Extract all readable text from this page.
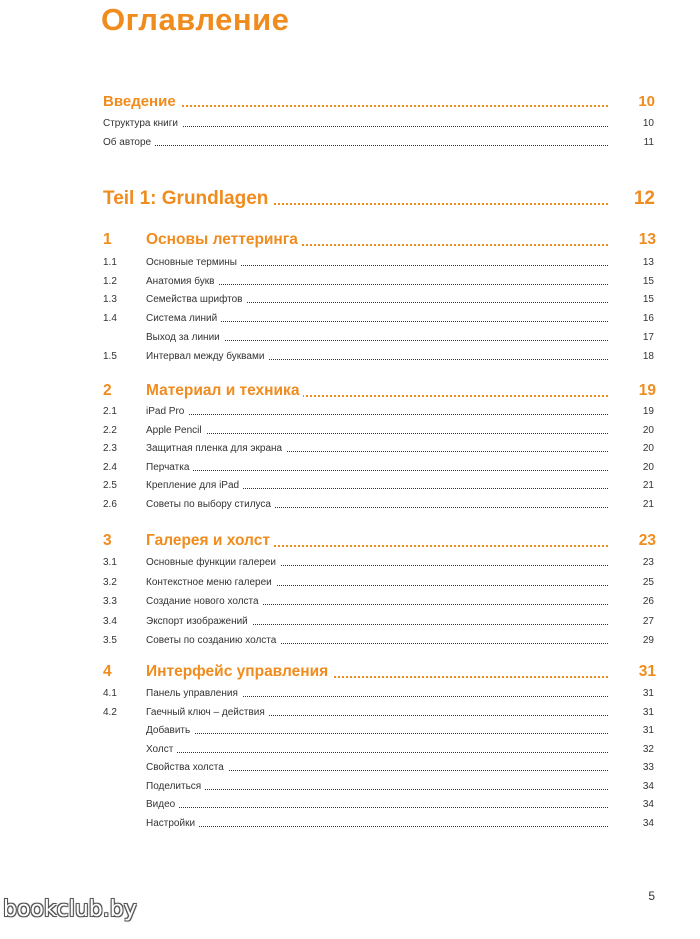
Оглавление
Введение	10
Структура книги	10
Об авторе	11
Teil 1: Grundlagen	12
1 Основы леттеринга	13
1.1	Основные термины	13
1.2	Анатомия букв	15
1.3	Семейства шрифтов	15
1.4	Система линий	16
Выход за линии	17
1.5	Интервал между буквами	18
2 Материал и техника	19
2.1	iPad Pro	19
2.2	Apple Pencil	20
2.3	Защитная пленка для экрана	20
2.4	Перчатка	20
2.5	Крепление для iPad	21
2.6	Советы по выбору стилуса	21
3 Галерея и холст	23
3.1	Основные функции галереи	23
3.2	Контекстное меню галереи	25
3.3	Создание нового холста	26
3.4	Экспорт изображений	27
3.5	Советы по созданию холста	29
4 Интерфейс управления	31
4.1	Панель управления	31
4.2	Гаечный ключ – действия	31
Добавить	31
Холст	32
Свойства холста	33
Поделиться	34
Видео	34
Настройки	34
5
bookclub.by
